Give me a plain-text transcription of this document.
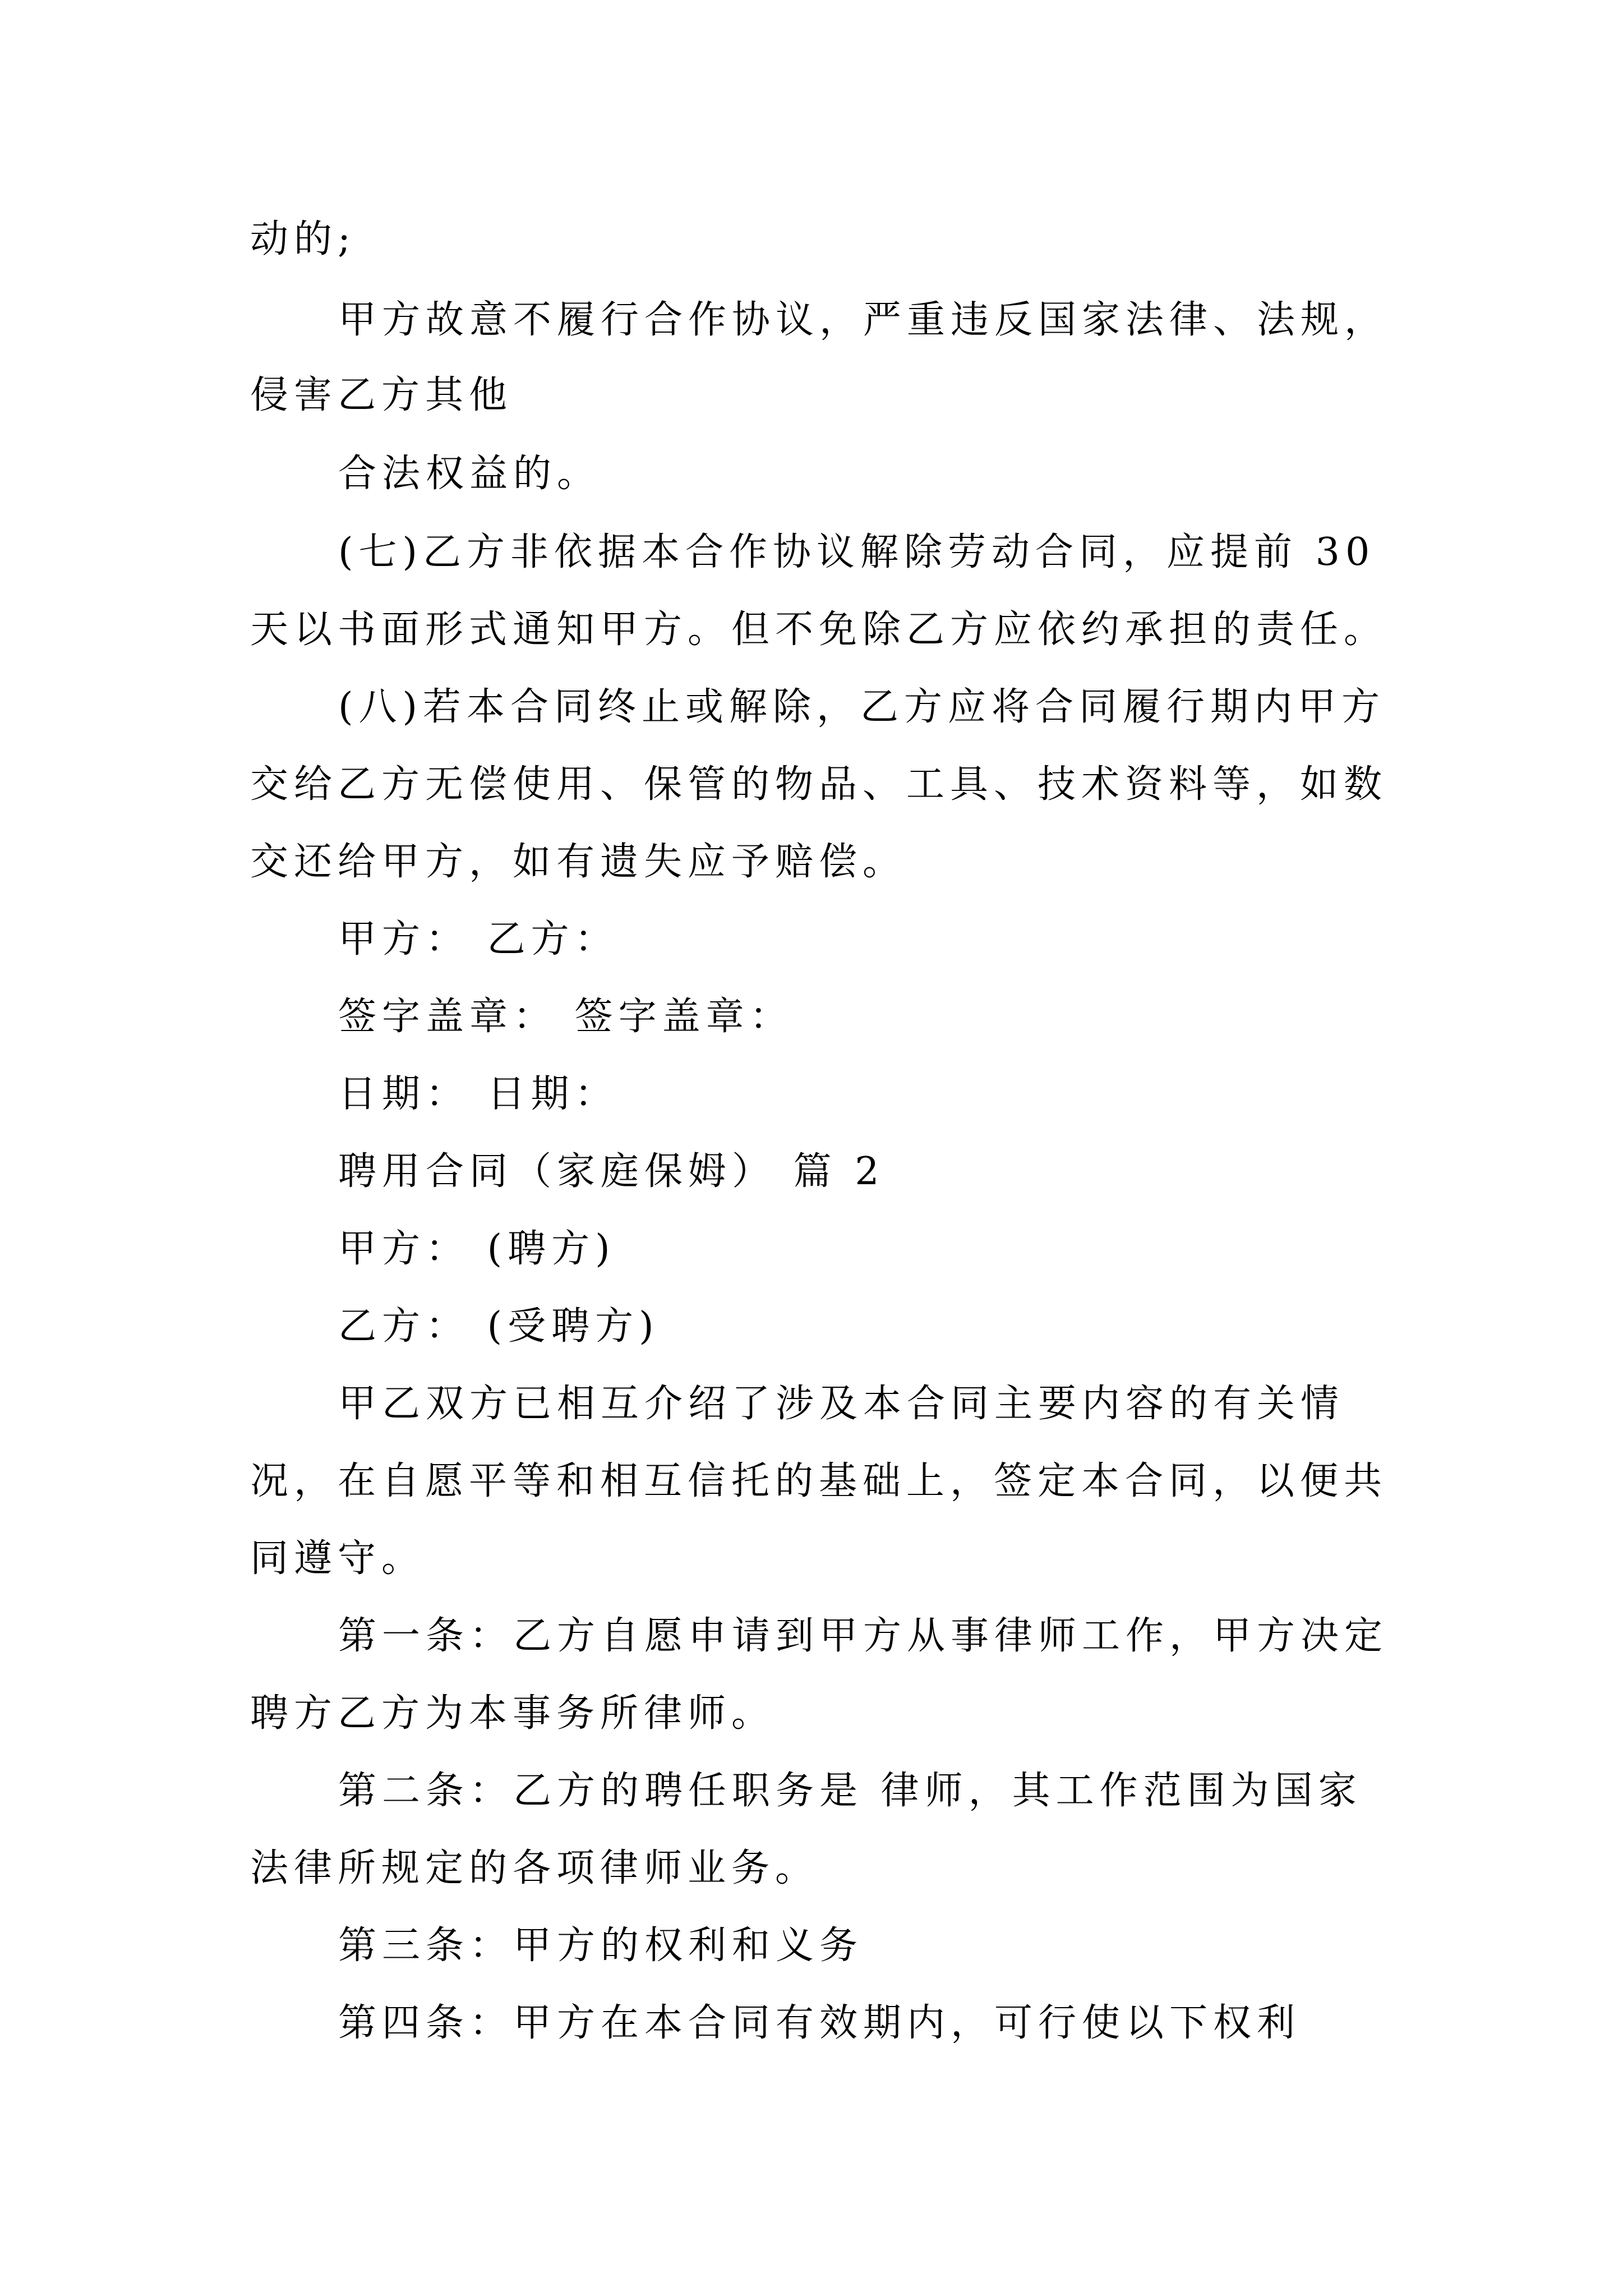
动的;
甲方故意不履行合作协议，严重违反国家法律、法规，
侵害乙方其他
合法权益的。
(七)乙方非依据本合作协议解除劳动合同，应提前 30
天以书面形式通知甲方。但不免除乙方应依约承担的责任。
(八)若本合同终止或解除，乙方应将合同履行期内甲方
交给乙方无偿使用、保管的物品、工具、技术资料等，如数
交还给甲方，如有遗失应予赔偿。
甲方： 乙方：
签字盖章： 签字盖章：
日期： 日期：
聘用合同（家庭保姆） 篇 2
甲方： (聘方)
乙方： (受聘方)
甲乙双方已相互介绍了涉及本合同主要内容的有关情
况，在自愿平等和相互信托的基础上，签定本合同，以便共
同遵守。
第一条：乙方自愿申请到甲方从事律师工作，甲方决定
聘方乙方为本事务所律师。
第二条：乙方的聘任职务是 律师，其工作范围为国家
法律所规定的各项律师业务。
第三条：甲方的权利和义务
第四条：甲方在本合同有效期内，可行使以下权利
